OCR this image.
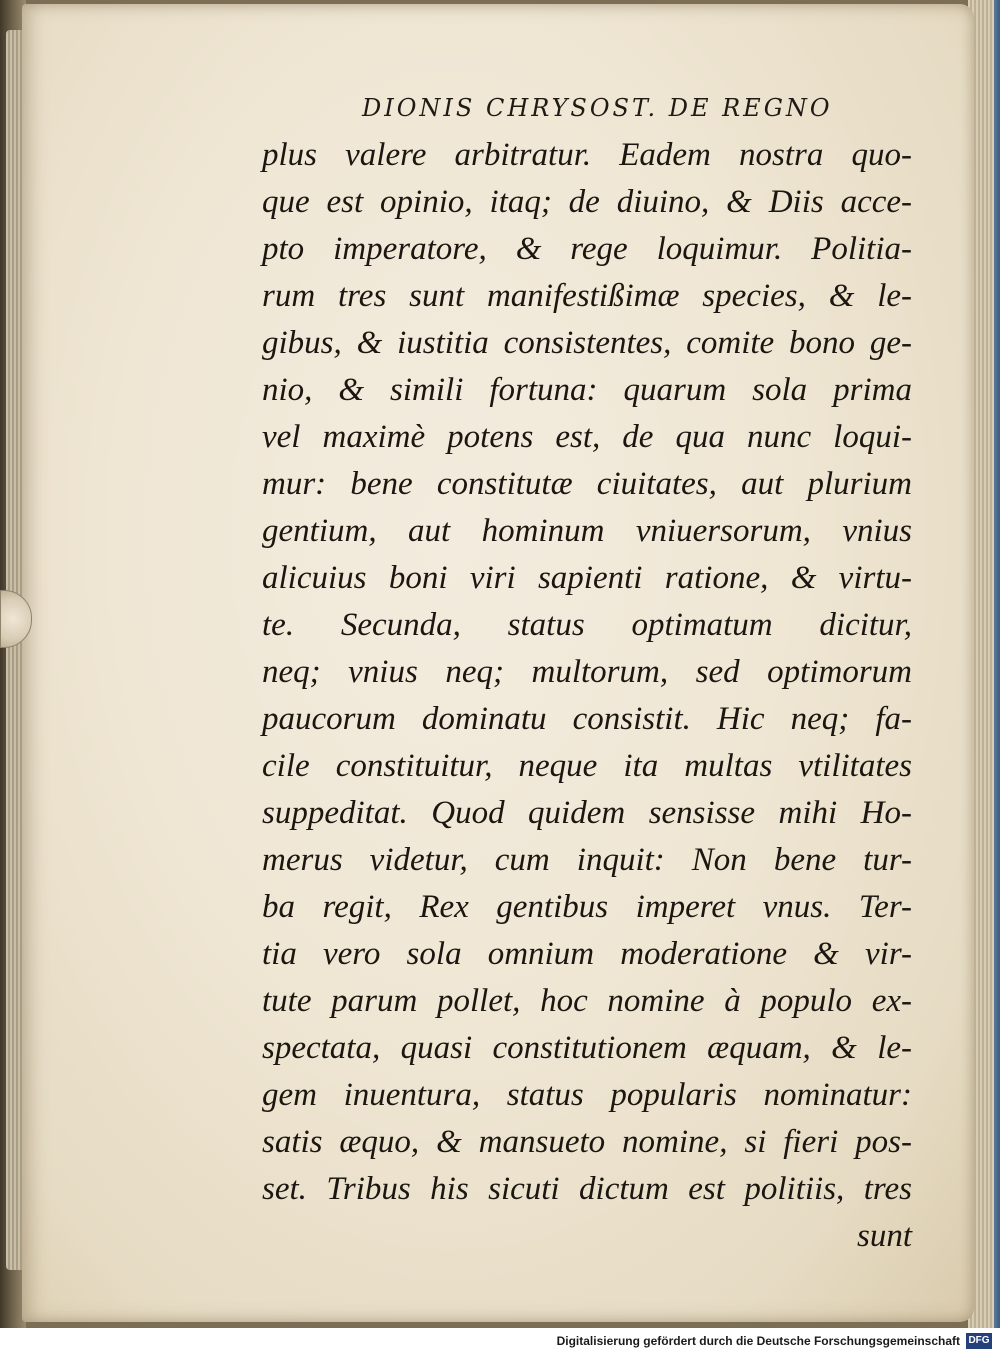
DIONIS CHRYSOST. DE REGNO
plus valere arbitratur. Eadem nostra quo-
que est opinio, itaq; de diuino, & Diis acce-
pto imperatore, & rege loquimur. Politia-
rum tres sunt manifestißimæ species, & le-
gibus, & iustitia consistentes, comite bono ge-
nio, & simili fortuna: quarum sola prima
vel maximè potens est, de qua nunc loqui-
mur: bene constitutæ ciuitates, aut plurium
gentium, aut hominum vniuersorum, vnius
alicuius boni viri sapienti ratione, & virtu-
te. Secunda, status optimatum dicitur,
neq; vnius neq; multorum, sed optimorum
paucorum dominatu consistit. Hic neq; fa-
cile constituitur, neque ita multas vtilitates
suppeditat. Quod quidem sensisse mihi Ho-
merus videtur, cum inquit: Non bene tur-
ba regit, Rex gentibus imperet vnus. Ter-
tia vero sola omnium moderatione & vir-
tute parum pollet, hoc nomine à populo ex-
spectata, quasi constitutionem æquam, & le-
gem inuentura, status popularis nominatur:
satis æquo, & mansueto nomine, si fieri pos-
set. Tribus his sicuti dictum est politiis, tres
sunt
Digitalisierung gefördert durch die Deutsche Forschungsgemeinschaft DFG
